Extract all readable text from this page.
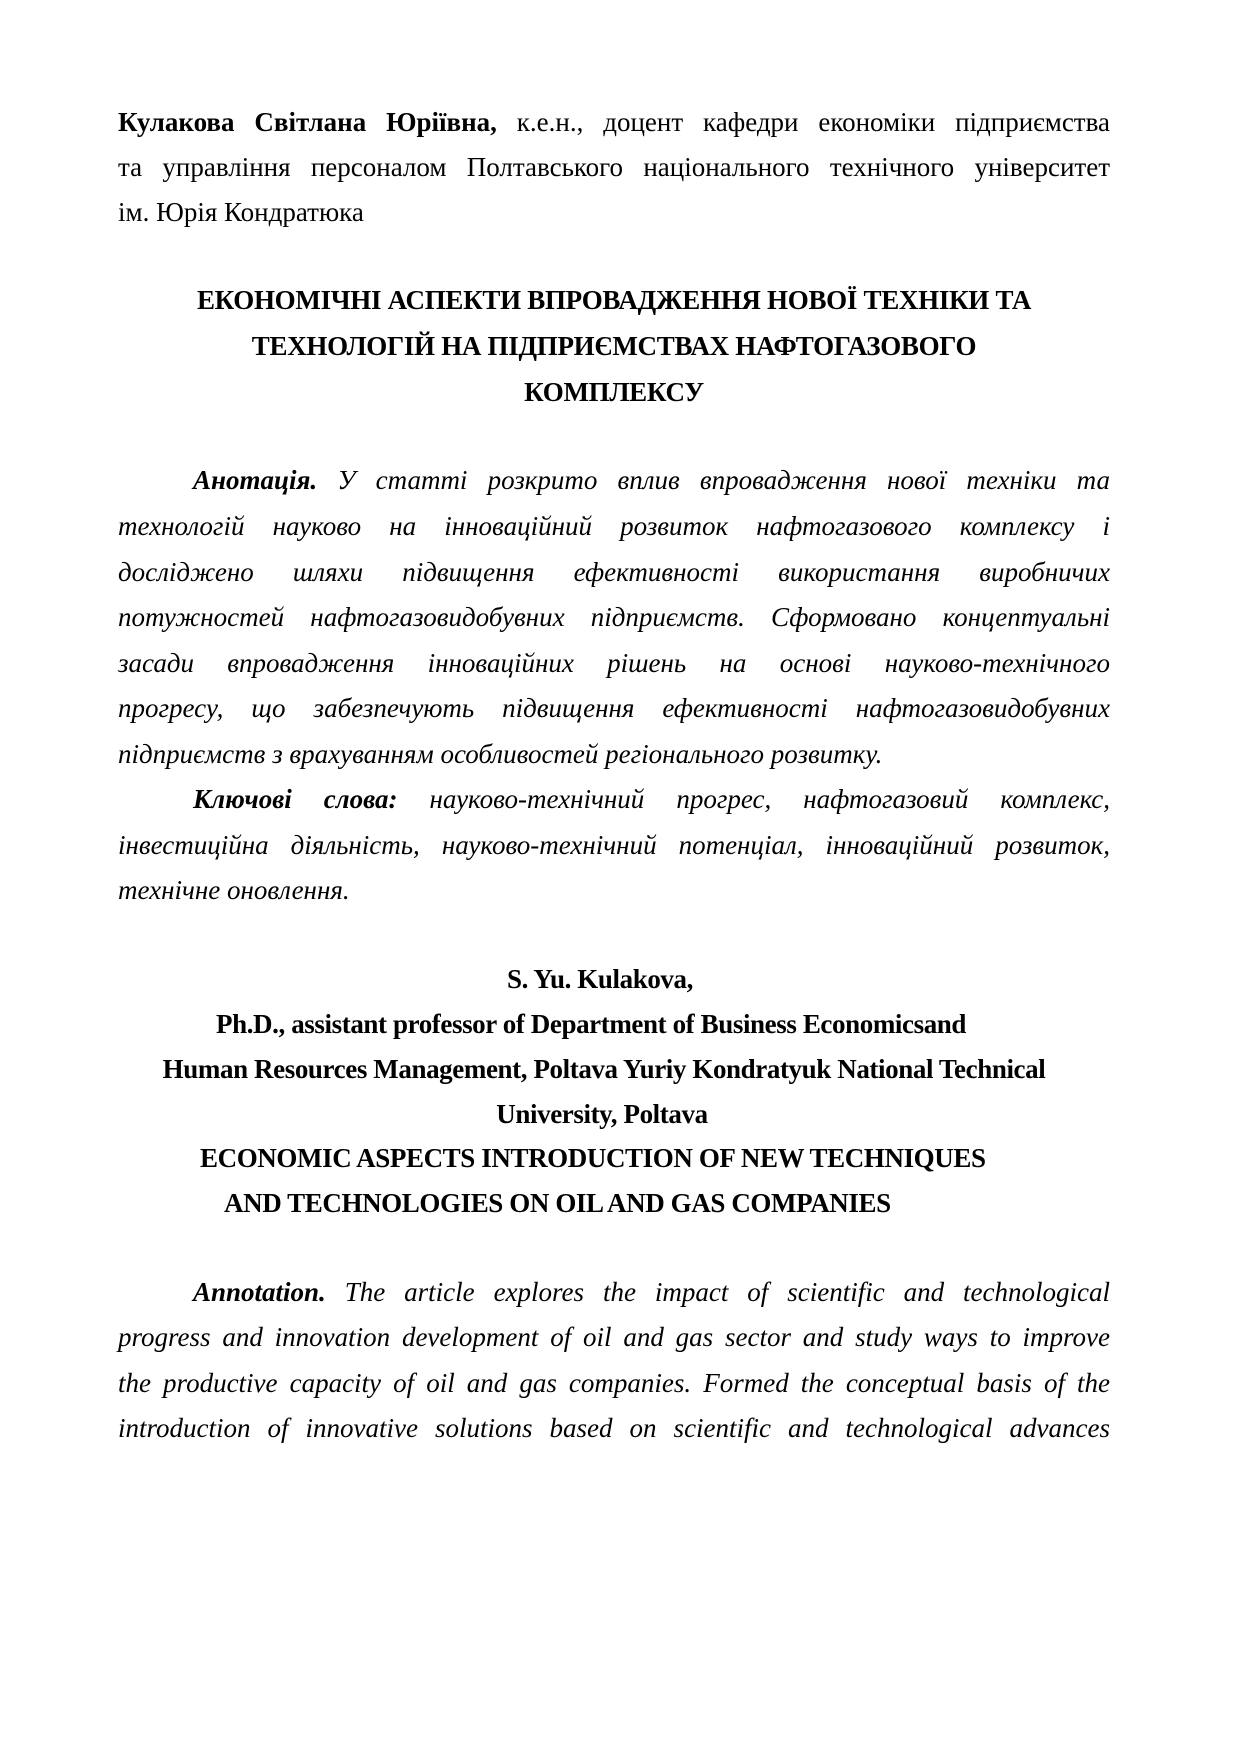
Кулакова Світлана Юріївна, к.е.н., доцент кафедри економіки підприємства
та управління персоналом Полтавського національного технічного університет
ім. Юрія Кондратюка
ЕКОНОМІЧНІ АСПЕКТИ ВПРОВАДЖЕННЯ НОВОЇ ТЕХНІКИ ТА
ТЕХНОЛОГІЙ НА ПІДПРИЄМСТВАХ НАФТОГАЗОВОГО
КОМПЛЕКСУ
Анотація. У статті розкрито вплив впровадження нової техніки та
технологій науково на інноваційний розвиток нафтогазового комплексу і
досліджено шляхи підвищення ефективності використання виробничих
потужностей нафтогазовидобувних підприємств. Сформовано концептуальні
засади впровадження інноваційних рішень на основі науково-технічного
прогресу, що забезпечують підвищення ефективності нафтогазовидобувних
підприємств з врахуванням особливостей регіонального розвитку.
Ключові слова: науково-технічний прогрес, нафтогазовий комплекс,
інвестиційна діяльність, науково-технічний потенціал, інноваційний розвиток,
технічне оновлення.
S. Yu. Kulakova,
Ph.D., assistant professor of Department of Business Economicsand
Human Resources Management, Poltava Yuriy Kondratyuk National Technical
University, Poltava
ECONOMIC ASPECTS INTRODUCTION OF NEW TECHNIQUES
AND TECHNOLOGIES ON OIL AND GAS COMPANIES
Annotation. The article explores the impact of scientific and technological
progress and innovation development of oil and gas sector and study ways to improve
the productive capacity of oil and gas companies. Formed the conceptual basis of the
introduction of innovative solutions based on scientific and technological advances
